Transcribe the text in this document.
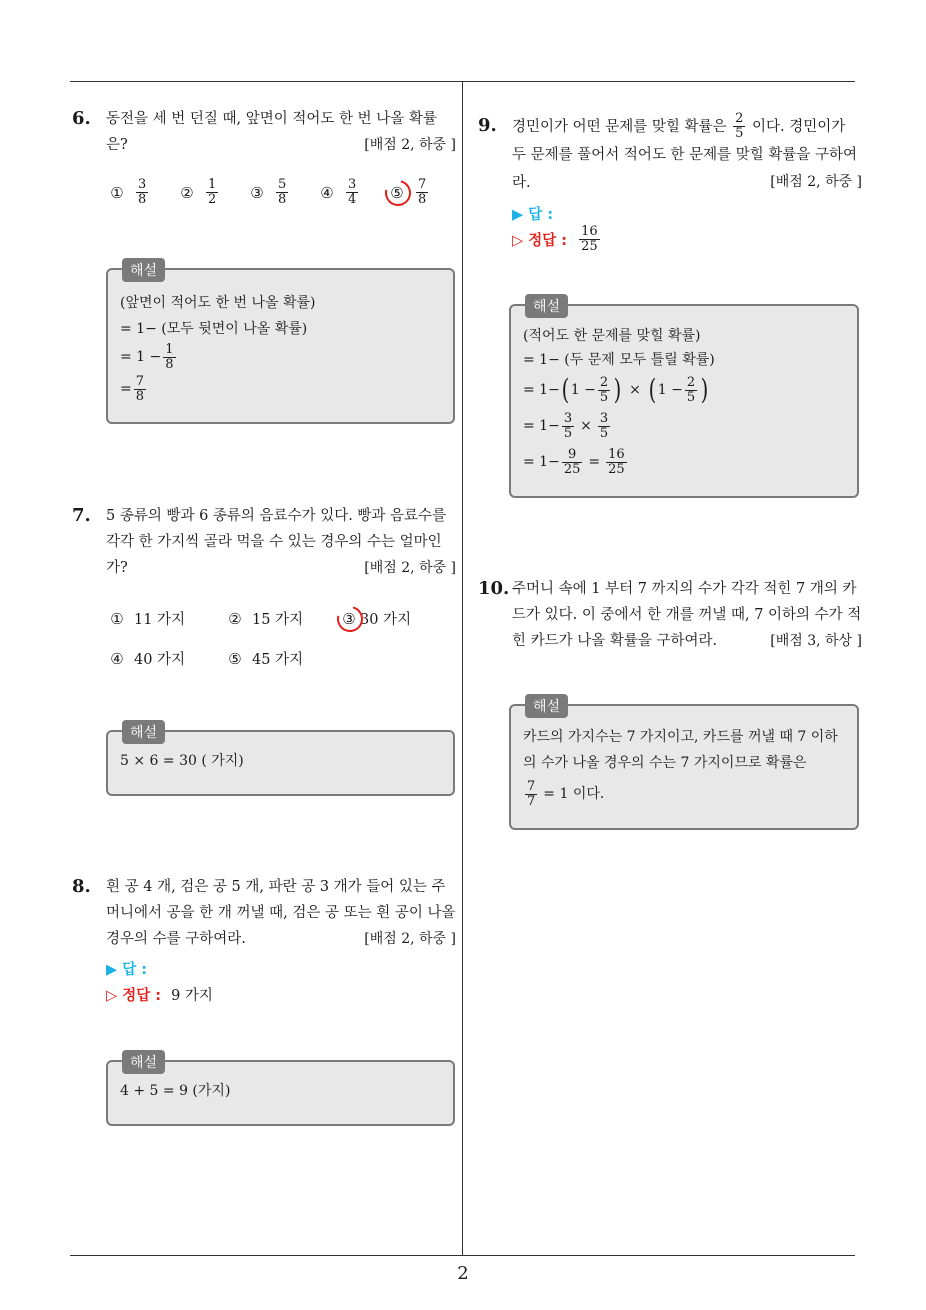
6. 동전을 세 번 던질 때, 앞면이 적어도 한 번 나올 확률은?	[배점 2, 하중 ]
① $\frac{3}{8}$ ② $\frac{1}{2}$ ③ $\frac{5}{8}$ ④ $\frac{3}{4}$ ⑤ $\frac{7}{8}$
해설
(앞면이 적어도 한 번 나올 확률)
= 1− (모두 뒷면이 나올 확률)
= $1 - \frac{1}{8}$
= $\frac{7}{8}$
7. 5 종류의 빵과 6 종류의 음료수가 있다. 빵과 음료수를 각각 한 가지씩 골라 먹을 수 있는 경우의 수는 얼마인가?	[배점 2, 하중 ]
① 11 가지	② 15 가지	③ 30 가지
④ 40 가지	⑤ 45 가지
해설
5 × 6 = 30 ( 가지)
8. 흰 공 4 개, 검은 공 5 개, 파란 공 3 개가 들어 있는 주머니에서 공을 한 개 꺼낼 때, 검은 공 또는 흰 공이 나올 경우의 수를 구하여라.	[배점 2, 하중 ]
▶ 답 :
▷ 정답 : 9 가지
해설
4 + 5 = 9 (가지)
9. 경민이가 어떤 문제를 맞힐 확률은 $\frac{2}{5}$ 이다. 경민이가 두 문제를 풀어서 적어도 한 문제를 맞힐 확률을 구하여라.	[배점 2, 하중 ]
▶ 답 :
▷ 정답 : $\frac{16}{25}$
해설
(적어도 한 문제를 맞힐 확률)
= 1− (두 문제 모두 틀릴 확률)
= 1− ( $1 - \frac{2}{5}$ ) × ( $1 - \frac{2}{5}$ )
= $1- \frac{3}{5} \times \frac{3}{5}$
= $1- \frac{9}{25} = \frac{16}{25}$
10. 주머니 속에 1 부터 7 까지의 수가 각각 적힌 7 개의 카드가 있다. 이 중에서 한 개를 꺼낼 때, 7 이하의 수가 적힌 카드가 나올 확률을 구하여라.	[배점 3, 하상 ]
해설
카드의 가지수는 7 가지이고, 카드를 꺼낼 때 7 이하의 수가 나올 경우의 수는 7 가지이므로 확률은
$\frac{7}{7} = 1$ 이다.
2
